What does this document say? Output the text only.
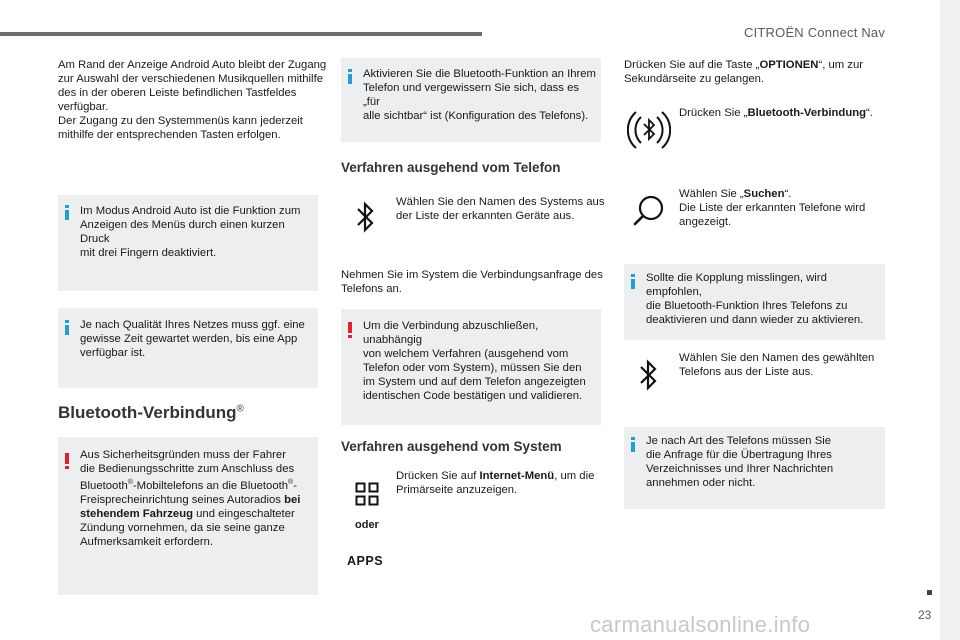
CITROËN Connect Nav
23
carmanualsonline.info

Am Rand der Anzeige Android Auto bleibt der Zugang

zur Auswahl der verschiedenen Musikquellen mithilfe

des in der oberen Leiste befindlichen Tastfeldes

verfügbar.

Der Zugang zu den Systemmenüs kann jederzeit

mithilfe der entsprechenden Tasten erfolgen.

Im Modus Android Auto ist die Funktion zum

Anzeigen des Menüs durch einen kurzen Druck

mit drei Fingern deaktiviert.

Je nach Qualität Ihres Netzes muss ggf. eine

gewisse Zeit gewartet werden, bis eine App

verfügbar ist.

Bluetooth-Verbindung®

Aus Sicherheitsgründen muss der Fahrer

die Bedienungsschritte zum Anschluss des

Bluetooth®-Mobiltelefons an die Bluetooth®-

Freisprecheinrichtung seines Autoradios bei

stehendem Fahrzeug und eingeschalteter

Zündung vornehmen, da sie seine ganze

Aufmerksamkeit erfordern.

Aktivieren Sie die Bluetooth-Funktion an Ihrem

Telefon und vergewissern Sie sich, dass es „für

alle sichtbar“ ist (Konfiguration des Telefons).

Verfahren ausgehend vom Telefon

Wählen Sie den Namen des Systems aus

der Liste der erkannten Geräte aus.

Nehmen Sie im System die Verbindungsanfrage des

Telefons an.

Um die Verbindung abzuschließen, unabhängig

von welchem Verfahren (ausgehend vom

Telefon oder vom System), müssen Sie den

im System und auf dem Telefon angezeigten

identischen Code bestätigen und validieren.

Verfahren ausgehend vom System
oder
APPS

Drücken Sie auf Internet-Menü, um die

Primärseite anzuzeigen.

Drücken Sie auf die Taste „OPTIONEN“, um zur

Sekundärseite zu gelangen.

Drücken Sie „Bluetooth-Verbindung“.

Wählen Sie „Suchen“.

Die Liste der erkannten Telefone wird

angezeigt.

Sollte die Kopplung misslingen, wird empfohlen,

die Bluetooth-Funktion Ihres Telefons zu

deaktivieren und dann wieder zu aktivieren.

Wählen Sie den Namen des gewählten

Telefons aus der Liste aus.

Je nach Art des Telefons müssen Sie

die Anfrage für die Übertragung Ihres

Verzeichnisses und Ihrer Nachrichten

annehmen oder nicht.
